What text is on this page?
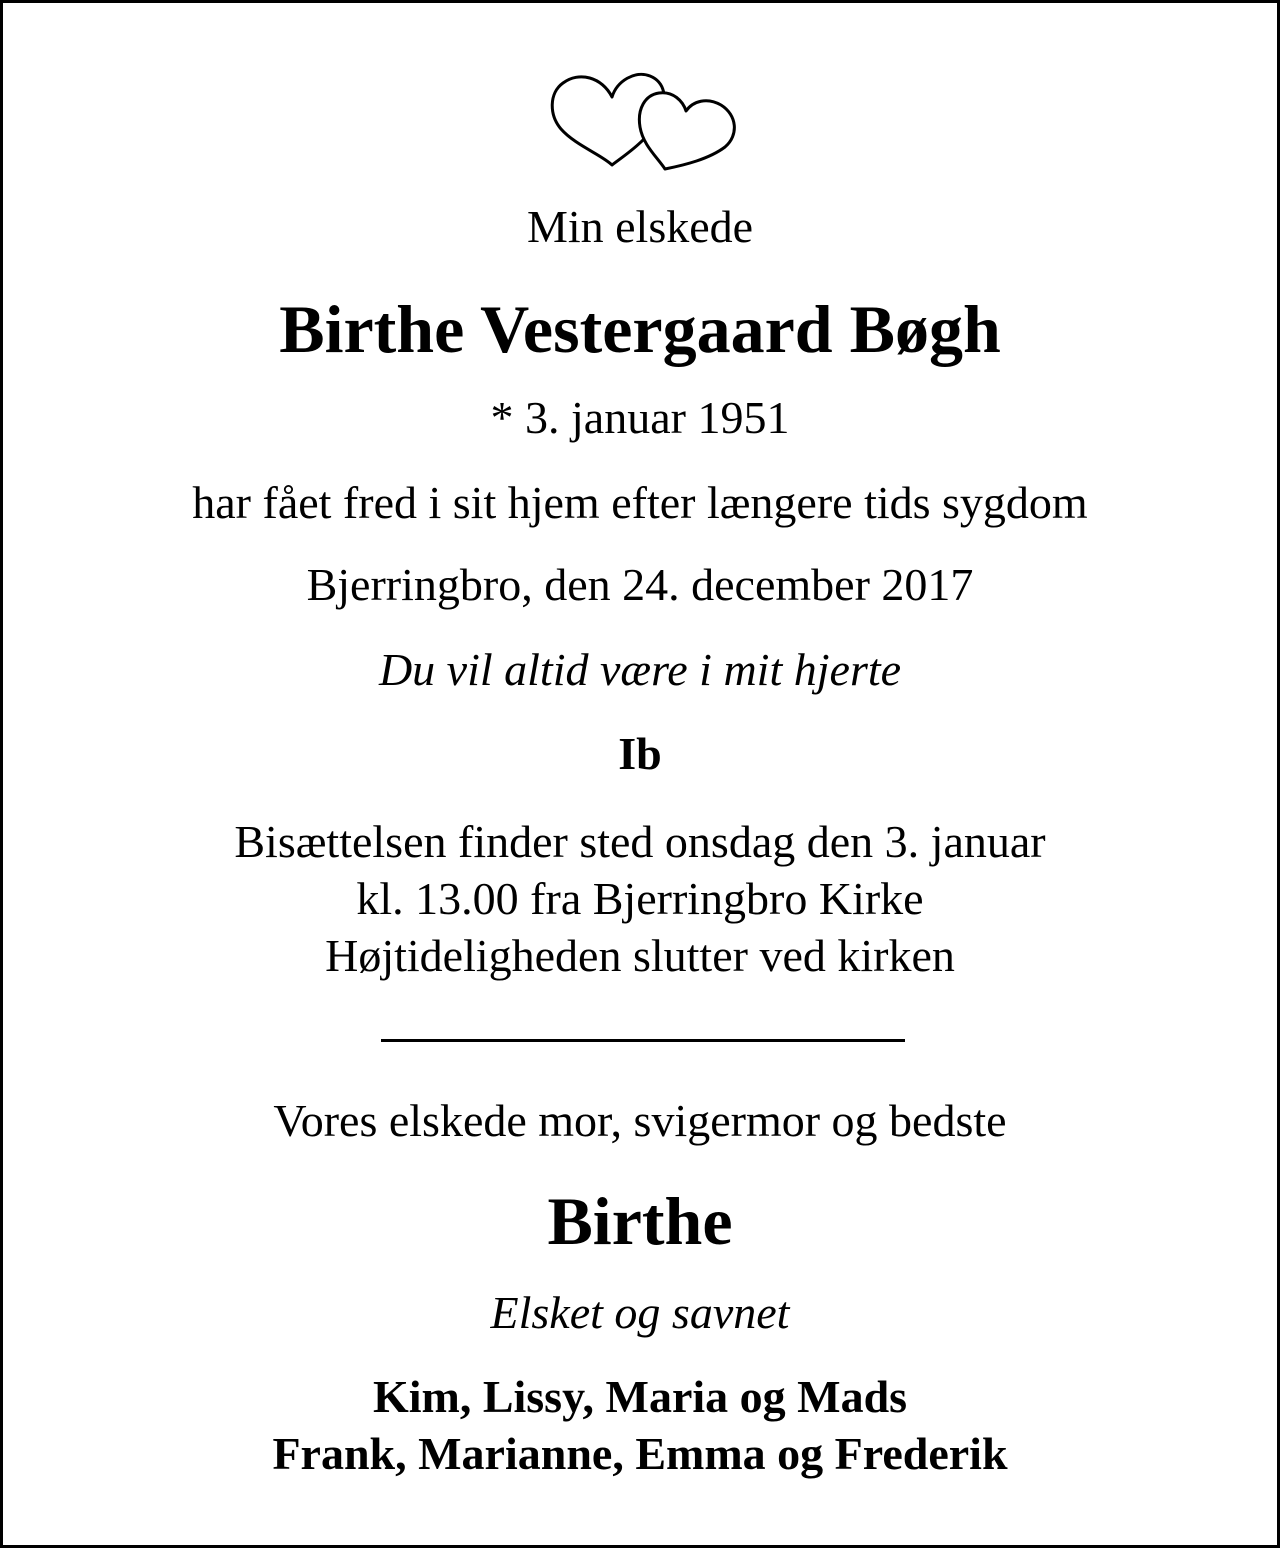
Min elskede
Birthe Vestergaard Bøgh
* 3. januar 1951
har fået fred i sit hjem efter længere tids sygdom
Bjerringbro, den 24. december 2017
Du vil altid være i mit hjerte
Ib
Bisættelsen finder sted onsdag den 3. januar
kl. 13.00 fra Bjerringbro Kirke
Højtideligheden slutter ved kirken
Vores elskede mor, svigermor og bedste
Birthe
Elsket og savnet
Kim, Lissy, Maria og Mads
Frank, Marianne, Emma og Frederik
